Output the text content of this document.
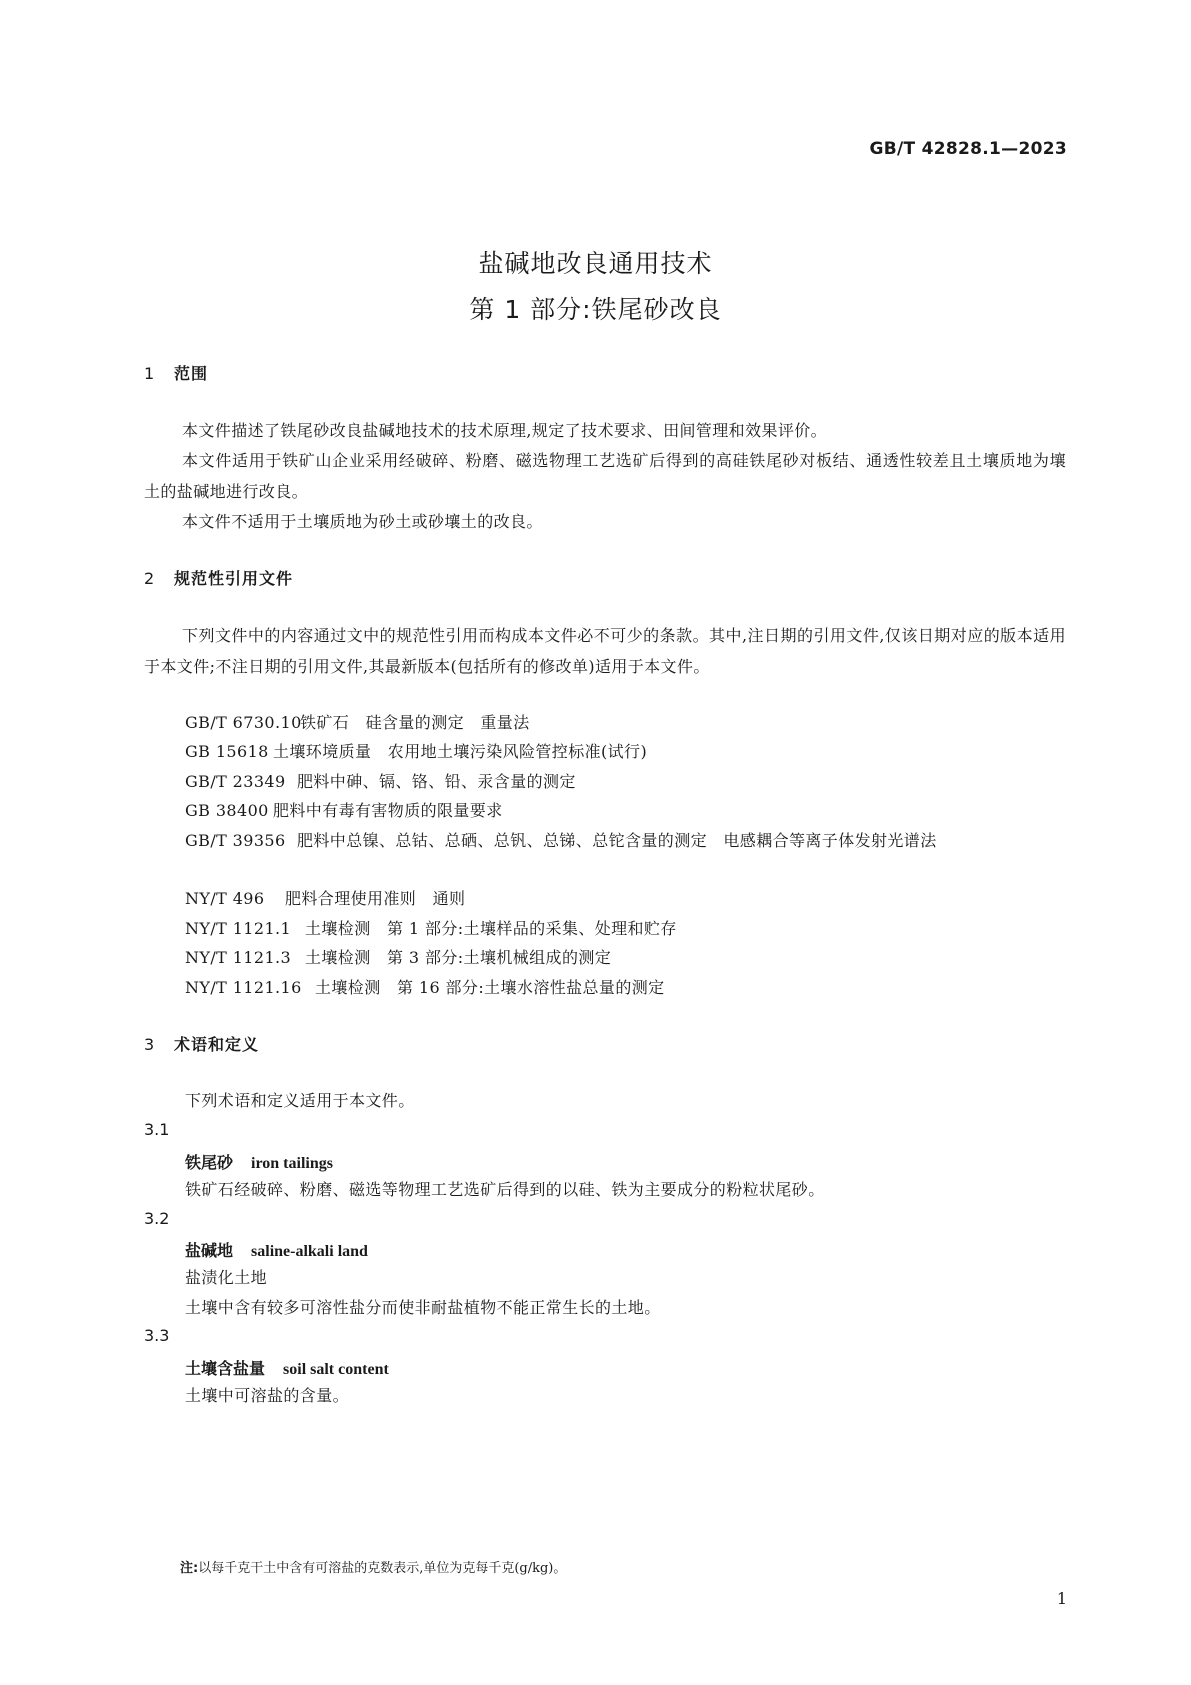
GB/T 42828.1—2023
盐碱地改良通用技术
第 1 部分:铁尾砂改良
1 范围
本文件描述了铁尾砂改良盐碱地技术的技术原理,规定了技术要求、田间管理和效果评价。
本文件适用于铁矿山企业采用经破碎、粉磨、磁选物理工艺选矿后得到的高硅铁尾砂对板结、通透性较差且土壤质地为壤土的盐碱地进行改良。
本文件不适用于土壤质地为砂土或砂壤土的改良。
2 规范性引用文件
下列文件中的内容通过文中的规范性引用而构成本文件必不可少的条款。其中,注日期的引用文件,仅该日期对应的版本适用于本文件;不注日期的引用文件,其最新版本(包括所有的修改单)适用于本文件。
GB/T 6730.10铁矿石　硅含量的测定　重量法
GB 15618 土壤环境质量　农用地土壤污染风险管控标准(试行)
GB/T 23349 肥料中砷、镉、铬、铅、汞含量的测定
GB 38400 肥料中有毒有害物质的限量要求
GB/T 39356 肥料中总镍、总钴、总硒、总钒、总锑、总铊含量的测定　电感耦合等离子体发射光谱法
NY/T 496 肥料合理使用准则　通则
NY/T 1121.1 土壤检测　第 1 部分:土壤样品的采集、处理和贮存
NY/T 1121.3 土壤检测　第 3 部分:土壤机械组成的测定
NY/T 1121.16 土壤检测　第 16 部分:土壤水溶性盐总量的测定
3 术语和定义
下列术语和定义适用于本文件。
3.1
铁尾砂 iron tailings
铁矿石经破碎、粉磨、磁选等物理工艺选矿后得到的以硅、铁为主要成分的粉粒状尾砂。
3.2
盐碱地 saline-alkali land
盐渍化土地
土壤中含有较多可溶性盐分而使非耐盐植物不能正常生长的土地。
3.3
土壤含盐量 soil salt content
土壤中可溶盐的含量。
注:以每千克干土中含有可溶盐的克数表示,单位为克每千克(g/kg)。
1
